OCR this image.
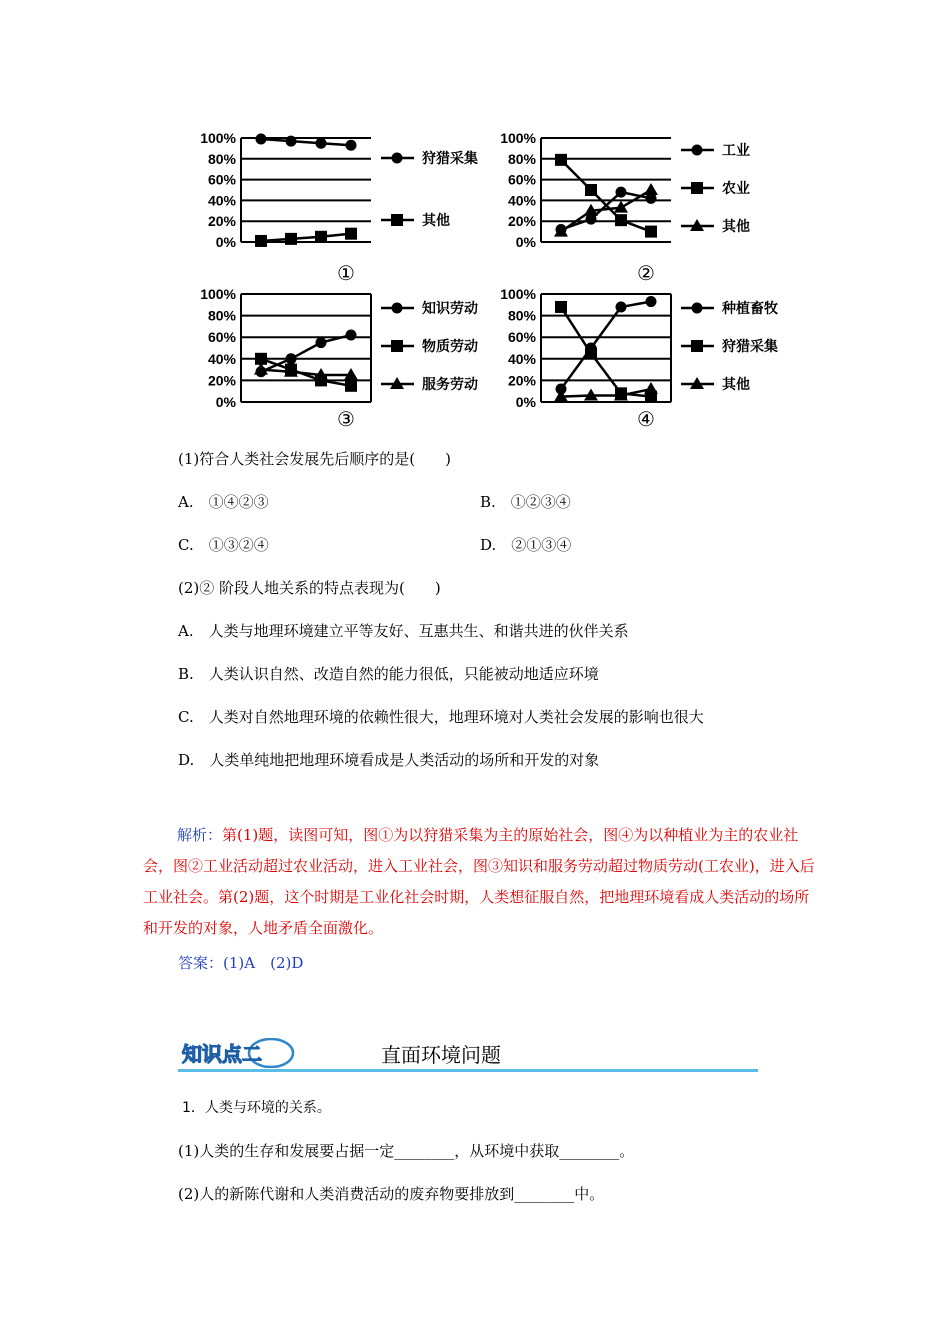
100%
80%
60%
40%
20%
0%
狩猎采集
其他
①
100%
80%
60%
40%
20%
0%
工业
农业
其他
②
100%
80%
60%
40%
20%
0%
知识劳动
物质劳动
服务劳动
③
100%
80%
60%
40%
20%
0%
种植畜牧
狩猎采集
其他
④
(1)符合人类社会发展先后顺序的是(　　)
A.　①④②③	B.　①②③④
C.　①③②④	D.　②①③④
(2)② 阶段人地关系的特点表现为(　　)
A.　人类与地理环境建立平等友好、互惠共生、和谐共进的伙伴关系
B.　人类认识自然、改造自然的能力很低，只能被动地适应环境
C.　人类对自然地理环境的依赖性很大，地理环境对人类社会发展的影响也很大
D.　人类单纯地把地理环境看成是人类活动的场所和开发的对象
解析：第(1)题，读图可知，图①为以狩猎采集为主的原始社会，图④为以种植业为主的农业社会，图②工业活动超过农业活动，进入工业社会，图③知识和服务劳动超过物质劳动(工农业)，进入后工业社会。第(2)题，这个时期是工业化社会时期，人类想征服自然，把地理环境看成人类活动的场所和开发的对象，人地矛盾全面激化。
答案：(1)A　(2)D
知识点二	直面环境问题
1．人类与环境的关系。
(1)人类的生存和发展要占据一定________，从环境中获取________。
(2)人的新陈代谢和人类消费活动的废弃物要排放到________中。
